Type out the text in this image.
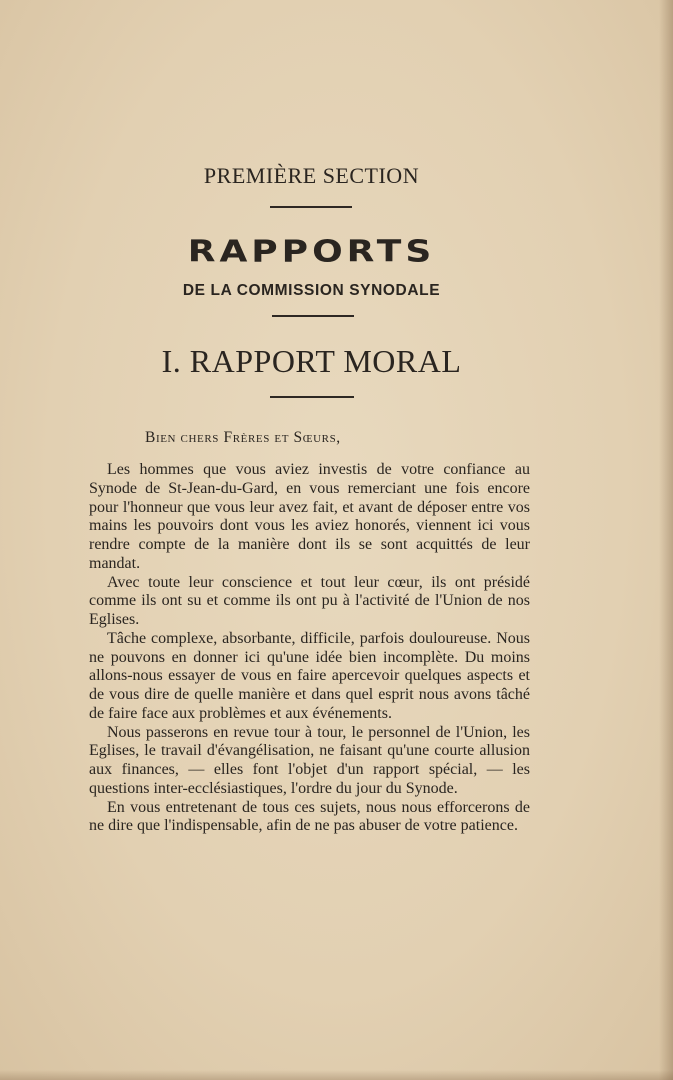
PREMIÈRE SECTION
RAPPORTS
DE LA COMMISSION SYNODALE
I. RAPPORT MORAL
Bien chers Frères et Sœurs,

Les hommes que vous aviez investis de votre confiance au Synode de St-Jean-du-Gard, en vous remerciant une fois encore pour l'honneur que vous leur avez fait, et avant de déposer entre vos mains les pouvoirs dont vous les aviez honorés, viennent ici vous rendre compte de la manière dont ils se sont acquittés de leur mandat.

Avec toute leur conscience et tout leur cœur, ils ont présidé comme ils ont su et comme ils ont pu à l'activité de l'Union de nos Eglises.

Tâche complexe, absorbante, difficile, parfois douloureuse. Nous ne pouvons en donner ici qu'une idée bien incomplète. Du moins allons-nous essayer de vous en faire apercevoir quelques aspects et de vous dire de quelle manière et dans quel esprit nous avons tâché de faire face aux problèmes et aux événements.

Nous passerons en revue tour à tour, le personnel de l'Union, les Eglises, le travail d'évangélisation, ne faisant qu'une courte allusion aux finances, — elles font l'objet d'un rapport spécial, — les questions inter-ecclésiastiques, l'ordre du jour du Synode.

En vous entretenant de tous ces sujets, nous nous efforcerons de ne dire que l'indispensable, afin de ne pas abuser de votre patience.
